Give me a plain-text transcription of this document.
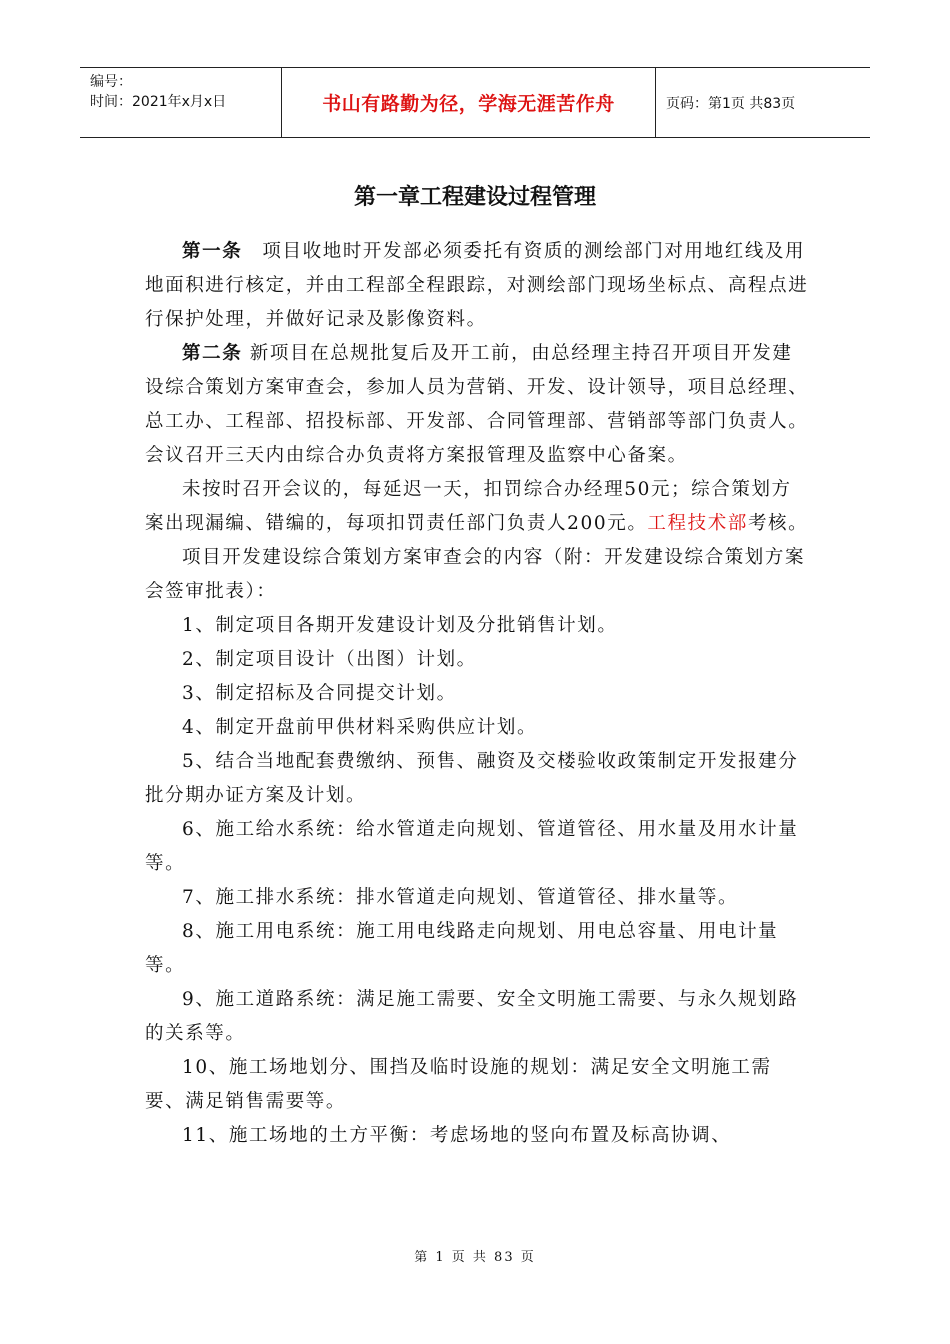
编号：
时间：2021年x月x日	书山有路勤为径，学海无涯苦作舟	页码：第1页 共83页
第一章工程建设过程管理

第一条　项目收地时开发部必须委托有资质的测绘部门对用地红线及用地面积进行核定，并由工程部全程跟踪，对测绘部门现场坐标点、高程点进行保护处理，并做好记录及影像资料。

第二条 新项目在总规批复后及开工前，由总经理主持召开项目开发建设综合策划方案审查会，参加人员为营销、开发、设计领导，项目总经理、总工办、工程部、招投标部、开发部、合同管理部、营销部等部门负责人。会议召开三天内由综合办负责将方案报管理及监察中心备案。

未按时召开会议的，每延迟一天，扣罚综合办经理50元；综合策划方案出现漏编、错编的，每项扣罚责任部门负责人200元。工程技术部考核。

项目开发建设综合策划方案审查会的内容（附：开发建设综合策划方案会签审批表）：

1、制定项目各期开发建设计划及分批销售计划。

2、制定项目设计（出图）计划。

3、制定招标及合同提交计划。

4、制定开盘前甲供材料采购供应计划。

5、结合当地配套费缴纳、预售、融资及交楼验收政策制定开发报建分批分期办证方案及计划。

6、施工给水系统：给水管道走向规划、管道管径、用水量及用水计量等。

7、施工排水系统：排水管道走向规划、管道管径、排水量等。

8、施工用电系统：施工用电线路走向规划、用电总容量、用电计量等。

9、施工道路系统：满足施工需要、安全文明施工需要、与永久规划路的关系等。

10、施工场地划分、围挡及临时设施的规划：满足安全文明施工需要、满足销售需要等。

11、施工场地的土方平衡：考虑场地的竖向布置及标高协调、

第 1 页 共 83 页
